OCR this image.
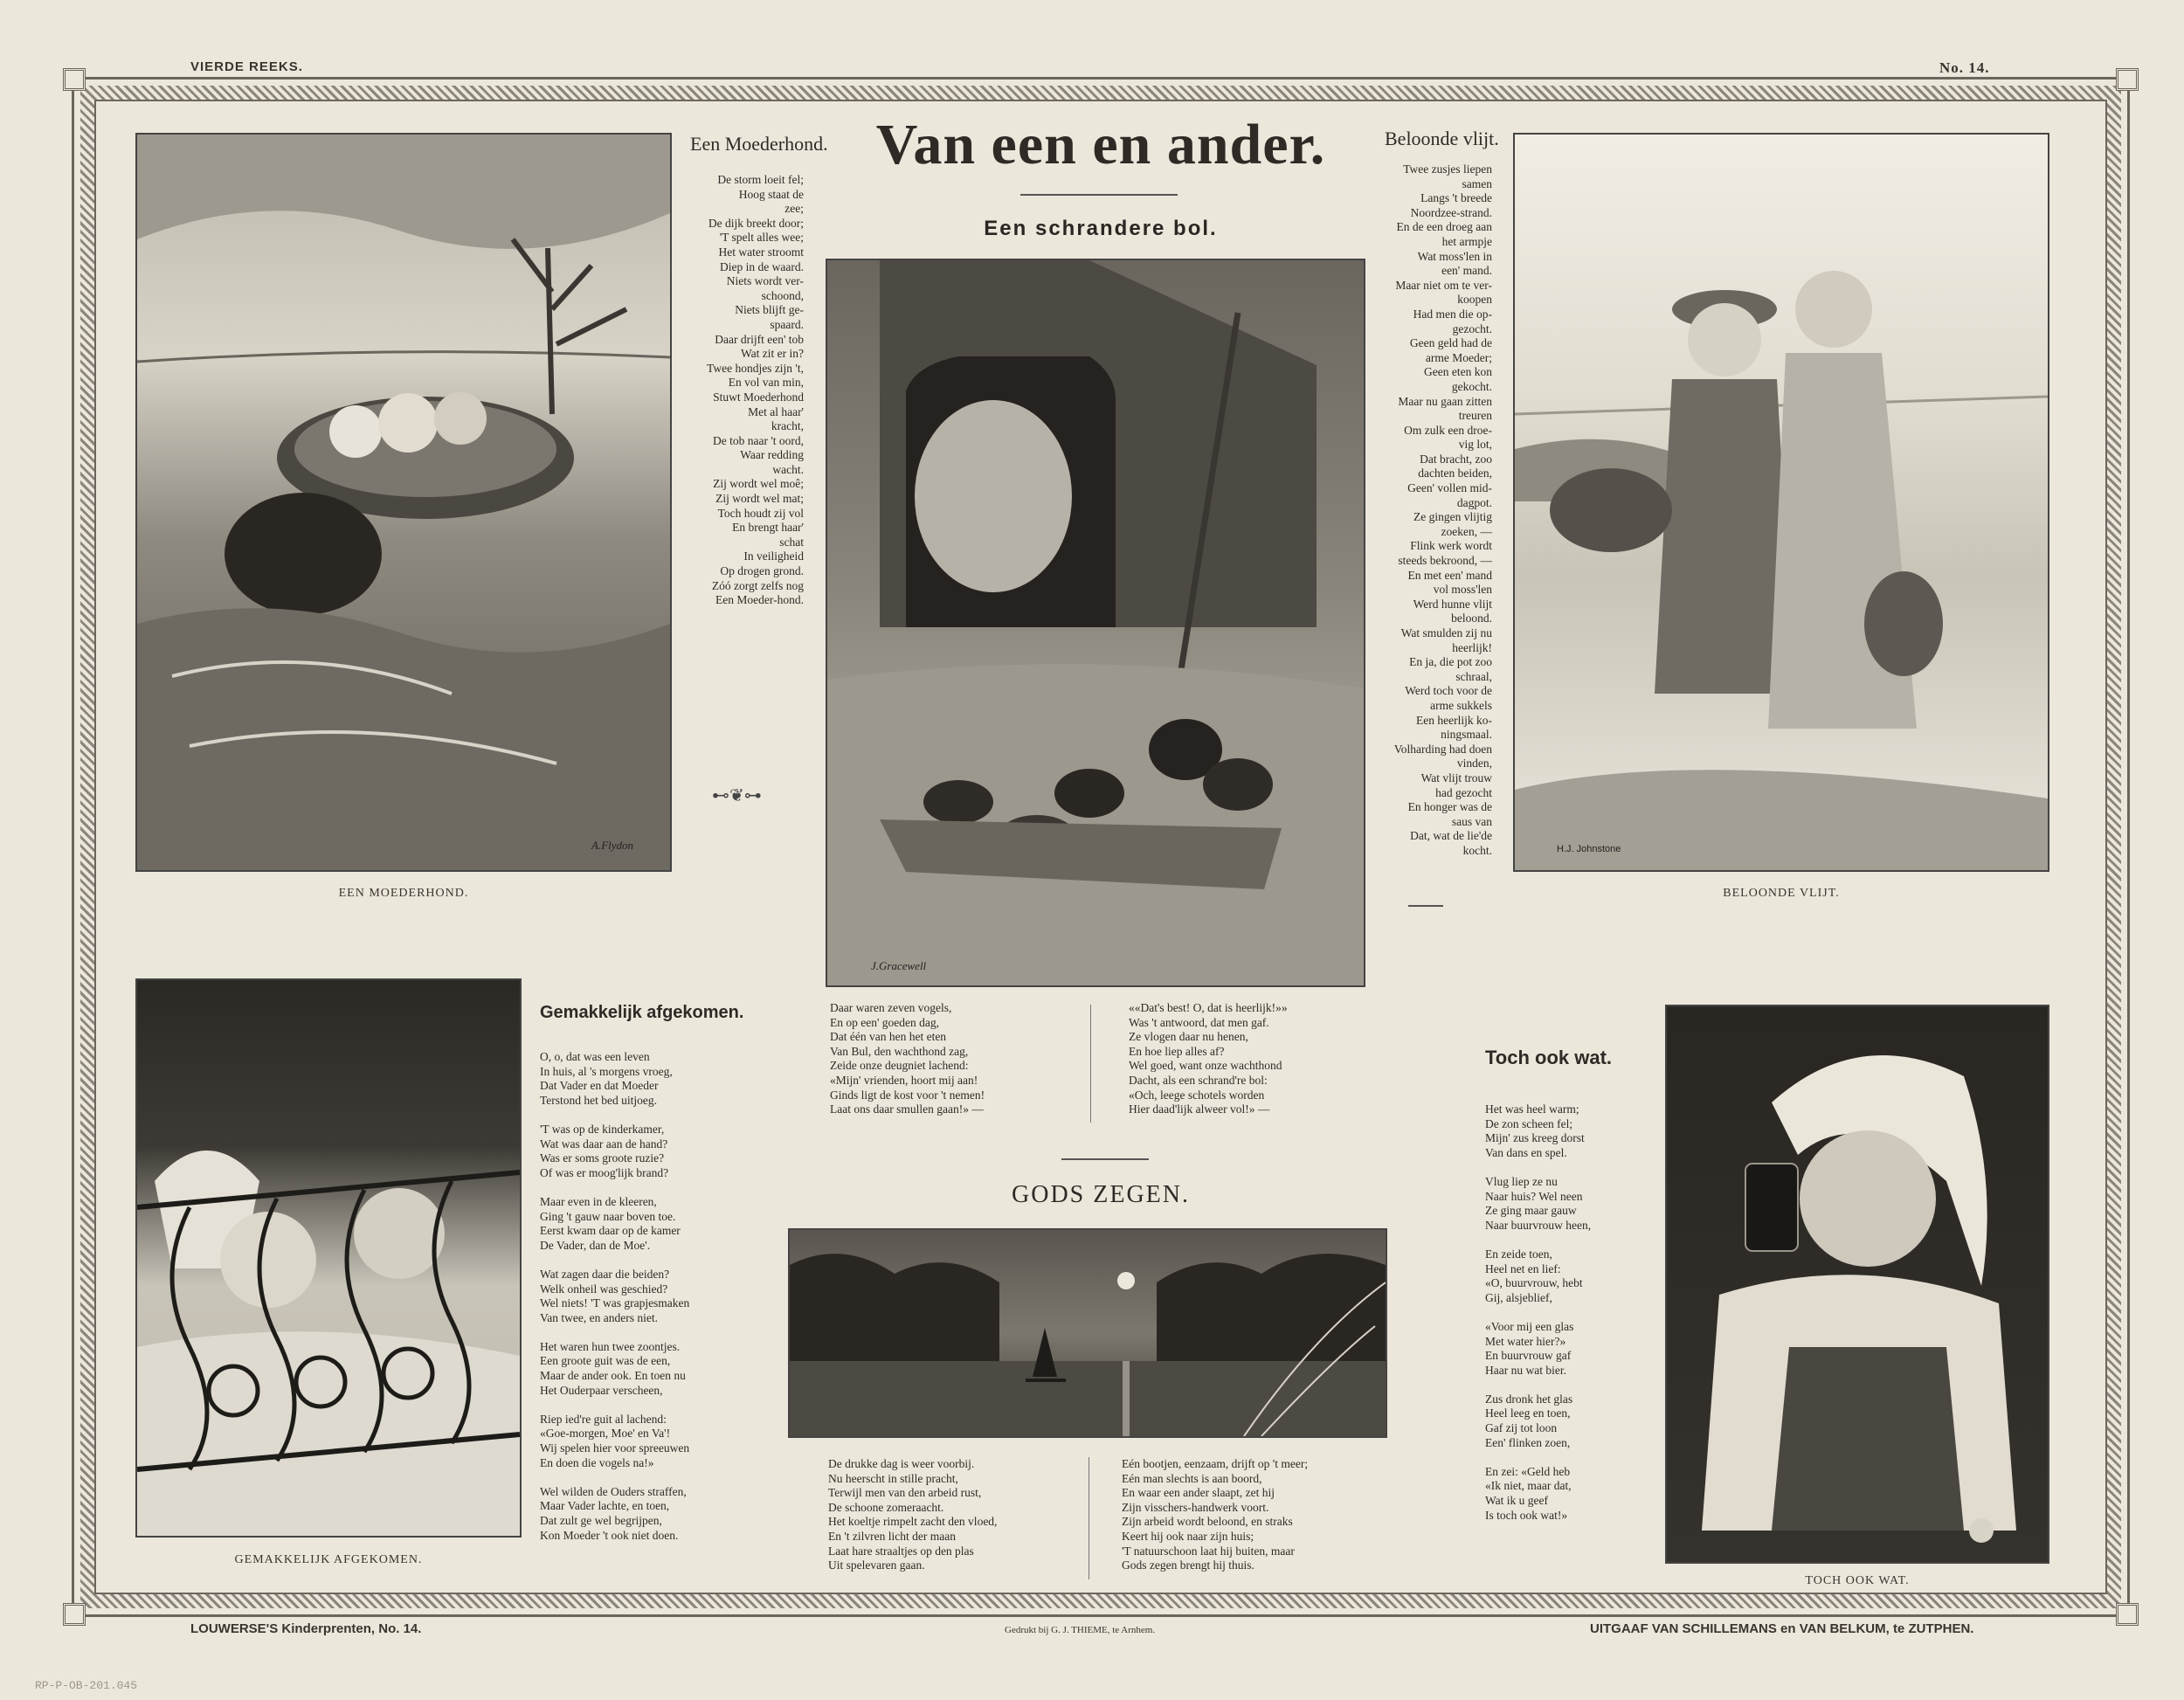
VIERDE REEKS.	No. 14.
A.Flydon
EEN MOEDERHOND.
Een Moederhond.
De storm loeit fel;
Hoog staat de
zee;
De dijk breekt door;
'T spelt alles wee;
Het water stroomt
Diep in de waard.
Niets wordt ver-
schoond,
Niets blijft ge-
spaard.
Daar drijft een' tob
Wat zit er in?
Twee hondjes zijn 't,
En vol van min,
Stuwt Moederhond
Met al haar'
kracht,
De tob naar 't oord,
Waar redding
wacht.
Zij wordt wel moê;
Zij wordt wel mat;
Toch houdt zij vol
En brengt haar'
schat
In veiligheid
Op drogen grond.
Zóó zorgt zelfs nog
Een Moeder-hond.
⊷❦⊶
Van een en ander.
Een schrandere bol.
J.Gracewell
Daar waren zeven vogels,
En op een' goeden dag,
Dat één van hen het eten
Van Bul, den wachthond zag,
Zeide onze deugniet lachend:
«Mijn' vrienden, hoort mij aan!
Ginds ligt de kost voor 't nemen!
Laat ons daar smullen gaan!» —
««Dat's best! O, dat is heerlijk!»»
Was 't antwoord, dat men gaf.
Ze vlogen daar nu henen,
En hoe liep alles af?
Wel goed, want onze wachthond
Dacht, als een schrand're bol:
«Och, leege schotels worden
Hier daad'lijk alweer vol!» —
Beloonde vlijt.
Twee zusjes liepen
samen
Langs 't breede
Noordzee-strand.
En de een droeg aan
het armpje
Wat moss'len in
een' mand.
Maar niet om te ver-
koopen
Had men die op-
gezocht.
Geen geld had de
arme Moeder;
Geen eten kon
gekocht.
Maar nu gaan zitten
treuren
Om zulk een droe-
vig lot,
Dat bracht, zoo
dachten beiden,
Geen' vollen mid-
dagpot.
Ze gingen vlijtig
zoeken, —
Flink werk wordt
steeds bekroond, —
En met een' mand
vol moss'len
Werd hunne vlijt
beloond.
Wat smulden zij nu
heerlijk!
En ja, die pot zoo
schraal,
Werd toch voor de
arme sukkels
Een heerlijk ko-
ningsmaal.
Volharding had doen
vinden,
Wat vlijt trouw
had gezocht
En honger was de
saus van
Dat, wat de lie'de
kocht.	H.J. Johnstone
BELOONDE VLIJT.
GEMAKKELIJK AFGEKOMEN.
Gemakkelijk afgekomen.
O, o, dat was een leven
In huis, al 's morgens vroeg,
Dat Vader en dat Moeder
Terstond het bed uitjoeg.

'T was op de kinderkamer,
Wat was daar aan de hand?
Was er soms groote ruzie?
Of was er moog'lijk brand?

Maar even in de kleeren,
Ging 't gauw naar boven toe.
Eerst kwam daar op de kamer
De Vader, dan de Moe'.

Wat zagen daar die beiden?
Welk onheil was geschied?
Wel niets! 'T was grapjesmaken
Van twee, en anders niet.

Het waren hun twee zoontjes.
Een groote guit was de een,
Maar de ander ook. En toen nu
Het Ouderpaar verscheen,

Riep ied're guit al lachend:
«Goe-morgen, Moe' en Va'!
Wij spelen hier voor spreeuwen
En doen die vogels na!»

Wel wilden de Ouders straffen,
Maar Vader lachte, en toen,
Dat zult ge wel begrijpen,
Kon Moeder 't ook niet doen.
GODS ZEGEN.
De drukke dag is weer voorbij.
Nu heerscht in stille pracht,
Terwijl men van den arbeid rust,
De schoone zomeraacht.
Het koeltje rimpelt zacht den vloed,
En 't zilvren licht der maan
Laat hare straaltjes op den plas
Uit spelevaren gaan.
Eén bootjen, eenzaam, drijft op 't meer;
Eén man slechts is aan boord,
En waar een ander slaapt, zet hij
Zijn visschers-handwerk voort.
Zijn arbeid wordt beloond, en straks
Keert hij ook naar zijn huis;
'T natuurschoon laat hij buiten, maar
Gods zegen brengt hij thuis.
Toch ook wat.
Het was heel warm;
De zon scheen fel;
Mijn' zus kreeg dorst
Van dans en spel.

Vlug liep ze nu
Naar huis? Wel neen
Ze ging maar gauw
Naar buurvrouw heen,

En zeide toen,
Heel net en lief:
«O, buurvrouw, hebt
Gij, alsjeblief,

«Voor mij een glas
Met water hier?»
En buurvrouw gaf
Haar nu wat bier.

Zus dronk het glas
Heel leeg en toen,
Gaf zij tot loon
Een' flinken zoen,

En zei: «Geld heb
«Ik niet, maar dat,
Wat ik u geef
Is toch ook wat!»
TOCH OOK WAT.
LOUWERSE'S Kinderprenten, No. 14.	Gedrukt bij G. J. THIEME, te Arnhem.	UITGAAF VAN SCHILLEMANS en VAN BELKUM, te ZUTPHEN.
RP-P-OB-201.045
